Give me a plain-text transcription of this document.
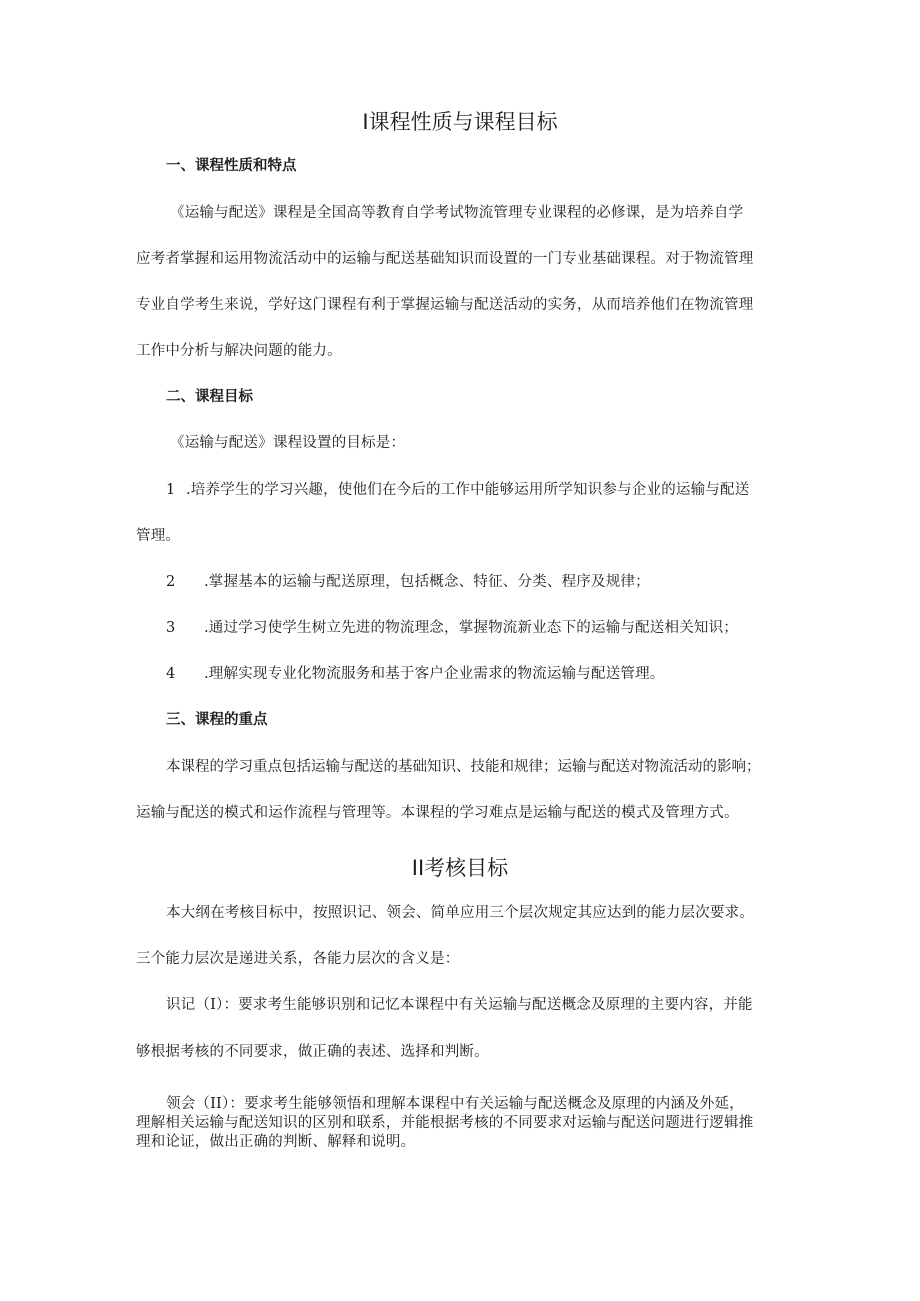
I课程性质与课程目标
一、课程性质和特点
《运输与配送》课程是全国高等教育自学考试物流管理专业课程的必修课，是为培养自学
应考者掌握和运用物流活动中的运输与配送基础知识而设置的一门专业基础课程。对于物流管理
专业自学考生来说，学好这门课程有利于掌握运输与配送活动的实务，从而培养他们在物流管理
工作中分析与解决问题的能力。
二、课程目标
《运输与配送》课程设置的目标是：
1 .培养学生的学习兴趣，使他们在今后的工作中能够运用所学知识参与企业的运输与配送
管理。
2 .掌握基本的运输与配送原理，包括概念、特征、分类、程序及规律；
3 .通过学习使学生树立先进的物流理念，掌握物流新业态下的运输与配送相关知识；
4 .理解实现专业化物流服务和基于客户企业需求的物流运输与配送管理。
三、课程的重点
本课程的学习重点包括运输与配送的基础知识、技能和规律；运输与配送对物流活动的影响；
运输与配送的模式和运作流程与管理等。本课程的学习难点是运输与配送的模式及管理方式。
II考核目标
本大纲在考核目标中，按照识记、领会、简单应用三个层次规定其应达到的能力层次要求。
三个能力层次是递进关系，各能力层次的含义是：
识记（I）：要求考生能够识别和记忆本课程中有关运输与配送概念及原理的主要内容，并能
够根据考核的不同要求，做正确的表述、选择和判断。
领会（II）：要求考生能够领悟和理解本课程中有关运输与配送概念及原理的内涵及外延，
理解相关运输与配送知识的区别和联系，并能根据考核的不同要求对运输与配送问题进行逻辑推
理和论证，做出正确的判断、解释和说明。
